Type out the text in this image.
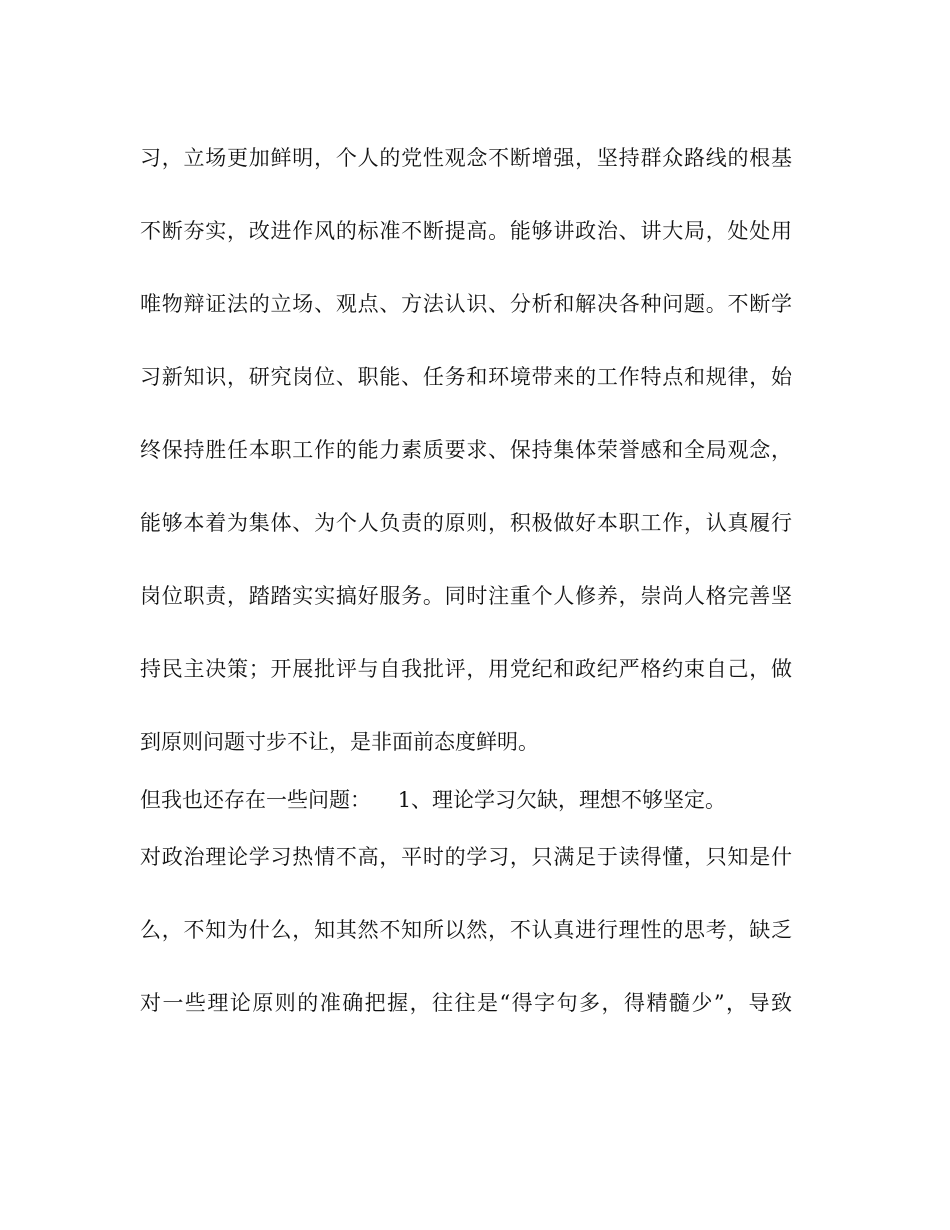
习，立场更加鲜明，个人的党性观念不断增强，坚持群众路线的根基
不断夯实，改进作风的标准不断提高。能够讲政治、讲大局，处处用
唯物辩证法的立场、观点、方法认识、分析和解决各种问题。不断学
习新知识，研究岗位、职能、任务和环境带来的工作特点和规律，始
终保持胜任本职工作的能力素质要求、保持集体荣誉感和全局观念，
能够本着为集体、为个人负责的原则，积极做好本职工作，认真履行
岗位职责，踏踏实实搞好服务。同时注重个人修养，崇尚人格完善坚
持民主决策；开展批评与自我批评，用党纪和政纪严格约束自己，做
到原则问题寸步不让，是非面前态度鲜明。
但我也还存在一些问题：    1、理论学习欠缺，理想不够坚定。
对政治理论学习热情不高，平时的学习，只满足于读得懂，只知是什
么，不知为什么，知其然不知所以然，不认真进行理性的思考，缺乏
对一些理论原则的准确把握，往往是“得字句多，得精髓少”，导致
